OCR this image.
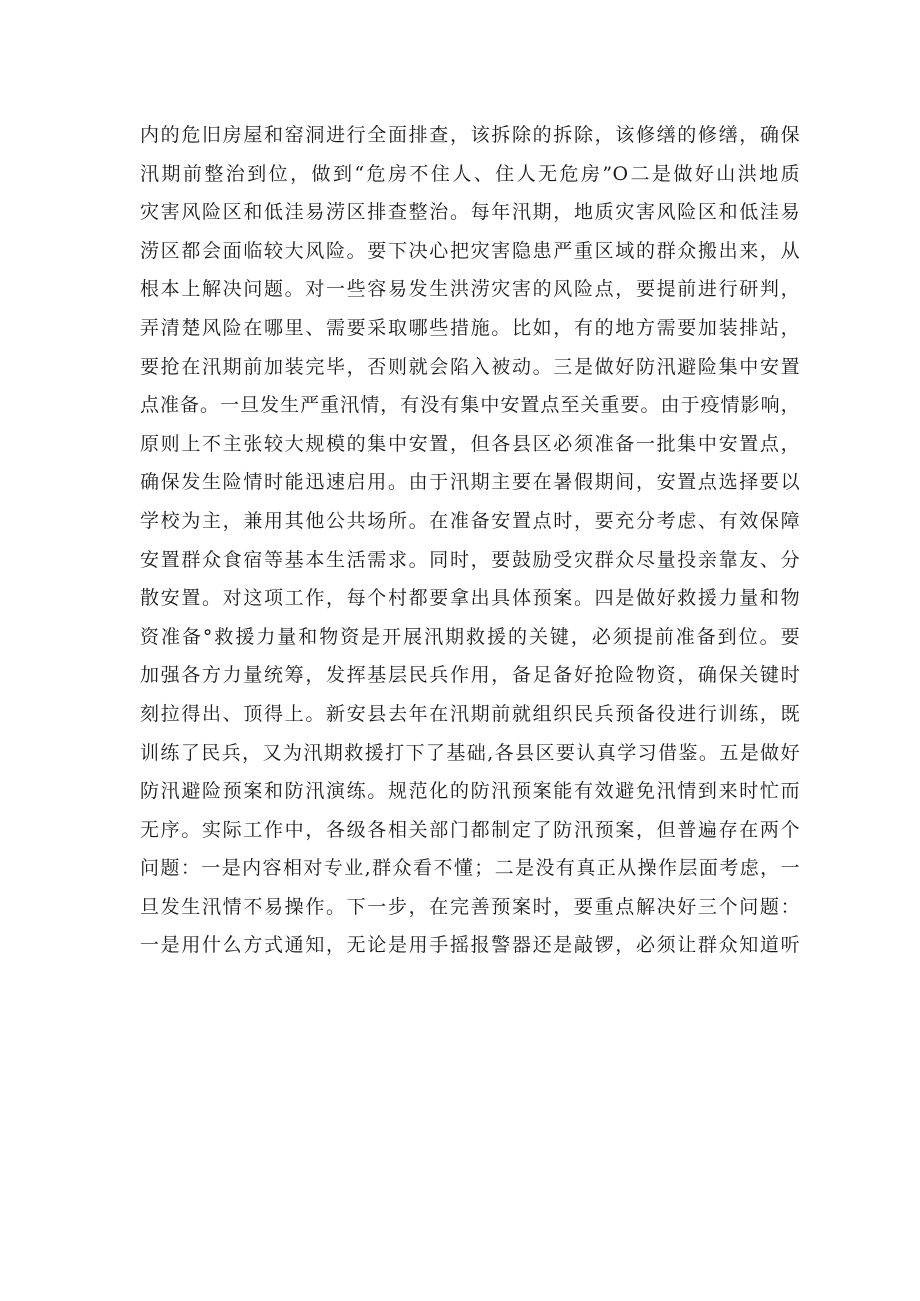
内的危旧房屋和窑洞进行全面排查，该拆除的拆除，该修缮的修缮，确保
汛期前整治到位，做到“危房不住人、住人无危房”O二是做好山洪地质
灾害风险区和低洼易涝区排查整治。每年汛期，地质灾害风险区和低洼易
涝区都会面临较大风险。要下决心把灾害隐患严重区域的群众搬出来，从
根本上解决问题。对一些容易发生洪涝灾害的风险点，要提前进行研判，
弄清楚风险在哪里、需要采取哪些措施。比如，有的地方需要加装排站，
要抢在汛期前加装完毕，否则就会陷入被动。三是做好防汛避险集中安置
点准备。一旦发生严重汛情，有没有集中安置点至关重要。由于疫情影响，
原则上不主张较大规模的集中安置，但各县区必须准备一批集中安置点，
确保发生险情时能迅速启用。由于汛期主要在暑假期间，安置点选择要以
学校为主，兼用其他公共场所。在准备安置点时，要充分考虑、有效保障
安置群众食宿等基本生活需求。同时，要鼓励受灾群众尽量投亲靠友、分
散安置。对这项工作，每个村都要拿出具体预案。四是做好救援力量和物
资准备°救援力量和物资是开展汛期救援的关键，必须提前准备到位。要
加强各方力量统筹，发挥基层民兵作用，备足备好抢险物资，确保关键时
刻拉得出、顶得上。新安县去年在汛期前就组织民兵预备役进行训练，既
训练了民兵，又为汛期救援打下了基础,各县区要认真学习借鉴。五是做好
防汛避险预案和防汛演练。规范化的防汛预案能有效避免汛情到来时忙而
无序。实际工作中，各级各相关部门都制定了防汛预案，但普遍存在两个
问题：一是内容相对专业,群众看不懂；二是没有真正从操作层面考虑，一
旦发生汛情不易操作。下一步，在完善预案时，要重点解决好三个问题：
一是用什么方式通知，无论是用手摇报警器还是敲锣，必须让群众知道听
